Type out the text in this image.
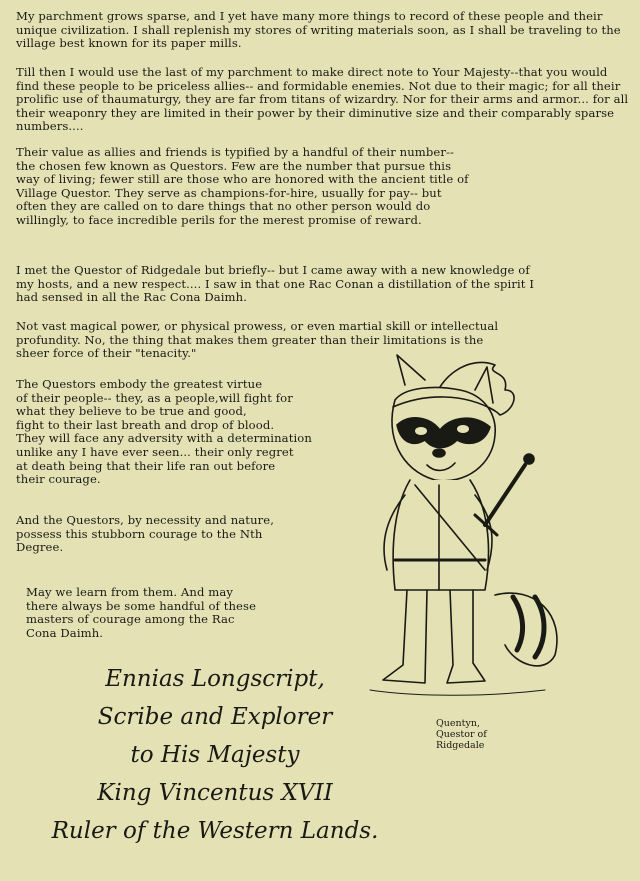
My parchment grows sparse, and I yet have many more things to record of these people and their unique civilization. I shall replenish my stores of writing materials soon, as I shall be traveling to the village best known for its paper mills.

Till then I would use the last of my parchment to make direct note to Your Majesty--that you would find these people to be priceless allies-- and formidable enemies. Not due to their magic; for all their prolific use of thaumaturgy, they are far from titans of wizardry. Nor for their arms and armor... for all their weaponry they are limited in their power by their diminutive size and their comparably sparse numbers....

Their value as allies and friends is typified by a handful of their number-- the chosen few known as Questors. Few are the number that pursue this way of living; fewer still are those who are honored with the ancient title of Village Questor. They serve as champions-for-hire, usually for pay-- but often they are called on to dare things that no other person would do willingly, to face incredible perils for the merest promise of reward.

I met the Questor of Ridgedale but briefly-- but I came away with a new knowledge of my hosts, and a new respect.... I saw in that one Rac Conan a distillation of the spirit I had sensed in all the Rac Cona Daimh.

Not vast magical power, or physical prowess, or even martial skill or intellectual profundity. No, the thing that makes them greater than their limitations is the sheer force of their "tenacity."

The Questors embody the greatest virtue
of their people-- they, as a people,will fight for
what they believe to be true and good,
fight to their last breath and drop of blood.
They will face any adversity with a determination
unlike any I have ever seen... their only regret
at death being that their life ran out before
their courage.

And the Questors, by necessity and nature,
possess this stubborn courage to the Nth
Degree.

May we learn from them. And may
there always be some handful of these
masters of courage among the Rac
Cona Daimh.

Ennias Longscript,
Scribe and Explorer
to His Majesty
King Vincentus XVII
Ruler of the Western Lands.
Quentyn,
Questor of
Ridgedale
